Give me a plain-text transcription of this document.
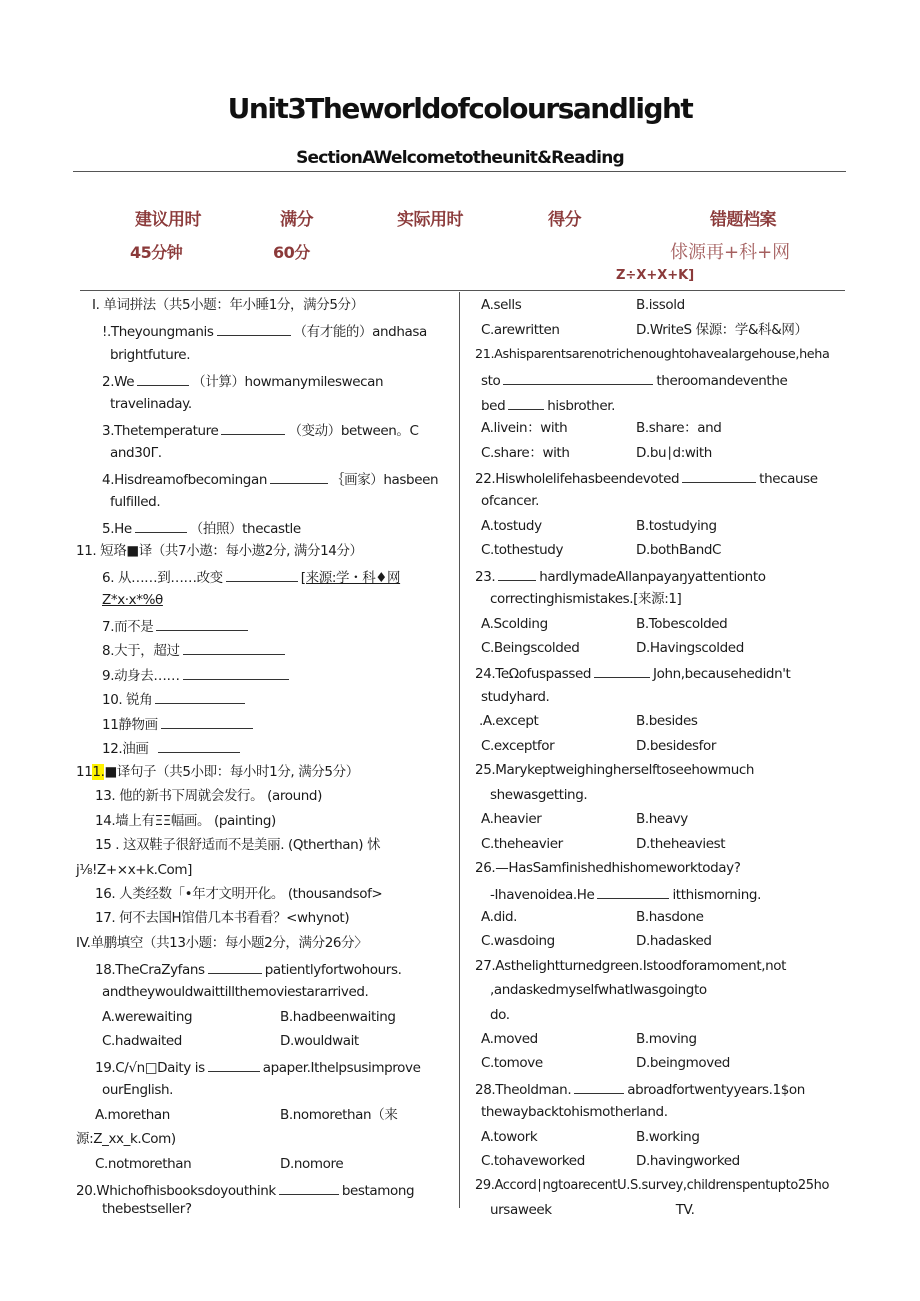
Unit3Theworldofcoloursandlight
SectionAWelcometotheunit&Reading
建议用时	满分	实际用时	得分	错题档案
45分钟	60分	俅源再+科+网
Z÷X+X+K]
I. 单词拼法（共5小题：年小睡1分，满分5分）
!.Theyoungmanis	（有才能的）andhasa
brightfuture.
2.We	（计算）howmanymileswecan
travelinaday.
3.Thetemperature	（变动）between。C
and30Γ.
4.Hisdreamofbecomingan	｛画家）hasbeen
fulfilled.
5.He	（拍照）thecastle
11. 短珞■译（共7小遨：每小遨2分, 满分14分）
6. 从……到……改变	[来源:学・科♦网
Z*x·x*%θ
7.而不是
8.大于，超过
9.动身去……
10. 锐角
11静物画
12.油画
111.■译句子（共5小即：每小时1分, 满分5分）
13. 他的新书下周就会发行。 (around)
14.墙上有ΞΞ幅画。 (painting)
15 . 这双鞋子很舒适而不是美丽. (Qtherthan) 怵
j⅛!Z+×x+k.Com]
16. 人类经数「•年才文明开化。 (thousandsof>
17. 何不去国H馆借几本书看看？<whynot)
IV.单鹏填空（共13小题：每小题2分，满分26分〉
18.TheCraZyfans	patientlyfortwohours.
andtheywouldwaittillthemoviestararrived.
A.werewaiting	B.hadbeenwaiting
C.hadwaited	D.wouldwait
19.C∕√n□Daity is	apaper.Ithelpsusimprove
ourEnglish.
A.morethan	B.nomorethan（来
源:Z_xx_k.Com)
C.notmorethan	D.nomore
20.Whichofhisbooksdoyouthink	bestamong
thebestseller?
A.sells	B.issold
C.arewritten	D.WriteS 保源：学&科&网）
21.Ashisparentsarenotrichenoughtohavealargehouse,heha
sto	theroomandeventhe
bed	hisbrother.
A.livein：with	B.share：and
C.share：with	D.bu∣d:with
22.Hiswholelifehasbeendevoted	thecause
ofcancer.
A.tostudy	B.tostudying
C.tothestudy	D.bothBandC
23.	hardlymadeAllanpayaŋyattentionto
correctinghismistakes.[来源:1]
A.Scolding	B.Tobescolded
C.Beingscolded	D.Havingscolded
24.TeΩofuspassed	John,becausehedidn't
studyhard.
.A.except	B.besides
C.exceptfor	D.besidesfor
25.Marykeptweighingherselftoseehowmuch
shewasgetting.
A.heavier	B.heavy
C.theheavier	D.theheaviest
26.—HasSamfinishedhishomeworktoday?
-Ihavenoidea.He	itthismorning.
A.did.	B.hasdone
C.wasdoing	D.hadasked
27.Asthelightturnedgreen.Istoodforamoment,not
,andaskedmyselfwhatIwasgoingto
do.
A.moved	B.moving
C.tomove	D.beingmoved
28.Theoldman.	abroadfortwentyyears.1$on
thewaybacktohismotherland.
A.towork	B.working
C.tohaveworked	D.havingworked
29.Accord∣ngtoarecentU.S.survey,childrenspentupto25ho
ursaweek	TV.
